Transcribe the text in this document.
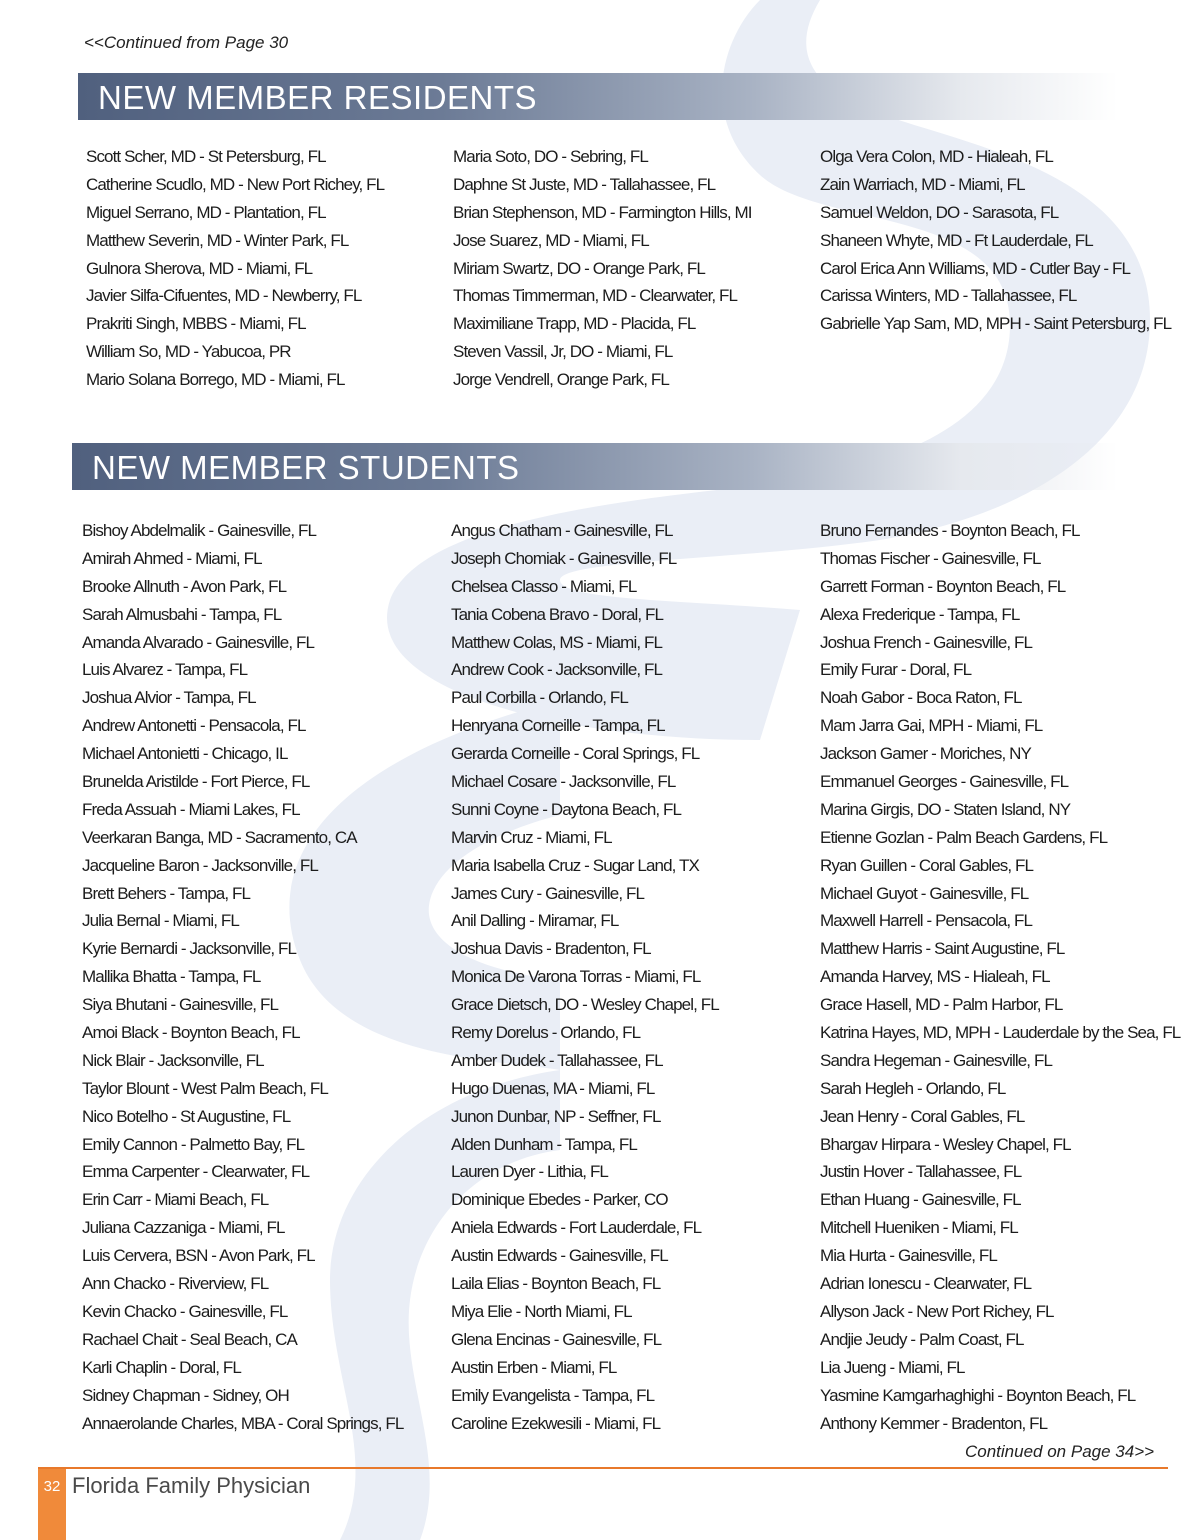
<<Continued from Page 30
NEW MEMBER RESIDENTS
Scott Scher, MD - St Petersburg, FL
Catherine Scudlo, MD - New Port Richey, FL
Miguel Serrano, MD - Plantation, FL
Matthew Severin, MD - Winter Park, FL
Gulnora Sherova, MD - Miami, FL
Javier Silfa-Cifuentes, MD - Newberry, FL
Prakriti Singh, MBBS - Miami, FL
William So, MD - Yabucoa, PR
Mario Solana Borrego, MD - Miami, FL
Maria Soto, DO - Sebring, FL
Daphne St Juste, MD - Tallahassee, FL
Brian Stephenson, MD - Farmington Hills, MI
Jose Suarez, MD - Miami, FL
Miriam Swartz, DO - Orange Park, FL
Thomas Timmerman, MD - Clearwater, FL
Maximiliane Trapp, MD - Placida, FL
Steven Vassil, Jr, DO - Miami, FL
Jorge Vendrell, Orange Park, FL
Olga Vera Colon, MD - Hialeah, FL
Zain Warriach, MD - Miami, FL
Samuel Weldon, DO - Sarasota, FL
Shaneen Whyte, MD - Ft Lauderdale, FL
Carol Erica Ann Williams, MD - Cutler Bay - FL
Carissa Winters, MD - Tallahassee, FL
Gabrielle Yap Sam, MD, MPH - Saint Petersburg, FL
NEW MEMBER STUDENTS
Bishoy Abdelmalik - Gainesville, FL
Amirah Ahmed - Miami, FL
Brooke Allnuth - Avon Park, FL
Sarah Almusbahi - Tampa, FL
Amanda Alvarado - Gainesville, FL
Luis Alvarez - Tampa, FL
Joshua Alvior - Tampa, FL
Andrew Antonetti - Pensacola, FL
Michael Antonietti - Chicago, IL
Brunelda Aristilde - Fort Pierce, FL
Freda Assuah - Miami Lakes, FL
Veerkaran Banga, MD - Sacramento, CA
Jacqueline Baron - Jacksonville, FL
Brett Behers - Tampa, FL
Julia Bernal - Miami, FL
Kyrie Bernardi - Jacksonville, FL
Mallika Bhatta - Tampa, FL
Siya Bhutani - Gainesville, FL
Amoi Black - Boynton Beach, FL
Nick Blair - Jacksonville, FL
Taylor Blount - West Palm Beach, FL
Nico Botelho - St Augustine, FL
Emily Cannon - Palmetto Bay, FL
Emma Carpenter - Clearwater, FL
Erin Carr - Miami Beach, FL
Juliana Cazzaniga - Miami, FL
Luis Cervera, BSN - Avon Park, FL
Ann Chacko - Riverview, FL
Kevin Chacko - Gainesville, FL
Rachael Chait - Seal Beach, CA
Karli Chaplin - Doral, FL
Sidney Chapman - Sidney, OH
Annaerolande Charles, MBA - Coral Springs, FL
Angus Chatham - Gainesville, FL
Joseph Chomiak - Gainesville, FL
Chelsea Classo - Miami, FL
Tania Cobena Bravo - Doral, FL
Matthew Colas, MS - Miami, FL
Andrew Cook - Jacksonville, FL
Paul Corbilla - Orlando, FL
Henryana Corneille - Tampa, FL
Gerarda Corneille - Coral Springs, FL
Michael Cosare - Jacksonville, FL
Sunni Coyne - Daytona Beach, FL
Marvin Cruz - Miami, FL
Maria Isabella Cruz - Sugar Land, TX
James Cury - Gainesville, FL
Anil Dalling - Miramar, FL
Joshua Davis - Bradenton, FL
Monica De Varona Torras - Miami, FL
Grace Dietsch, DO - Wesley Chapel, FL
Remy Dorelus - Orlando, FL
Amber Dudek - Tallahassee, FL
Hugo Duenas, MA - Miami, FL
Junon Dunbar, NP - Seffner, FL
Alden Dunham - Tampa, FL
Lauren Dyer - Lithia, FL
Dominique Ebedes - Parker, CO
Aniela Edwards - Fort Lauderdale, FL
Austin Edwards - Gainesville, FL
Laila Elias - Boynton Beach, FL
Miya Elie - North Miami, FL
Glena Encinas - Gainesville, FL
Austin Erben - Miami, FL
Emily Evangelista - Tampa, FL
Caroline Ezekwesili - Miami, FL
Bruno Fernandes - Boynton Beach, FL
Thomas Fischer - Gainesville, FL
Garrett Forman - Boynton Beach, FL
Alexa Frederique - Tampa, FL
Joshua French - Gainesville, FL
Emily Furar - Doral, FL
Noah Gabor - Boca Raton, FL
Mam Jarra Gai, MPH - Miami, FL
Jackson Gamer - Moriches, NY
Emmanuel Georges - Gainesville, FL
Marina Girgis, DO - Staten Island, NY
Etienne Gozlan - Palm Beach Gardens, FL
Ryan Guillen - Coral Gables, FL
Michael Guyot - Gainesville, FL
Maxwell Harrell - Pensacola, FL
Matthew Harris - Saint Augustine, FL
Amanda Harvey, MS - Hialeah, FL
Grace Hasell, MD - Palm Harbor, FL
Katrina Hayes, MD, MPH - Lauderdale by the Sea, FL
Sandra Hegeman - Gainesville, FL
Sarah Hegleh - Orlando, FL
Jean Henry - Coral Gables, FL
Bhargav Hirpara - Wesley Chapel, FL
Justin Hover - Tallahassee, FL
Ethan Huang - Gainesville, FL
Mitchell Hueniken - Miami, FL
Mia Hurta - Gainesville, FL
Adrian Ionescu - Clearwater, FL
Allyson Jack - New Port Richey, FL
Andjie Jeudy - Palm Coast, FL
Lia Jueng - Miami, FL
Yasmine Kamgarhaghighi - Boynton Beach, FL
Anthony Kemmer - Bradenton, FL
Continued on Page 34>>
32 Florida Family Physician
